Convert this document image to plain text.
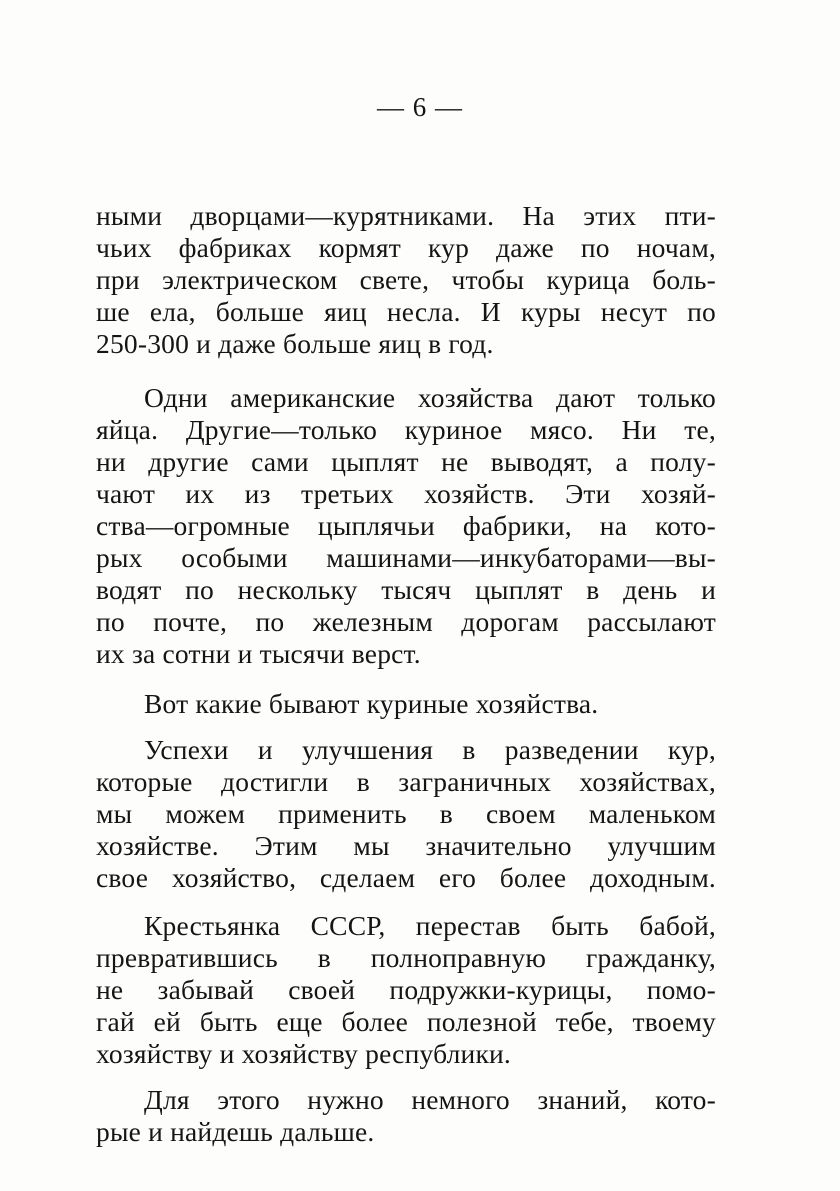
— 6 —
ными дворцами—курятниками. На этих пти-
чьих фабриках кормят кур даже по ночам,
при электрическом свете, чтобы курица боль-
ше ела, больше яиц несла. И куры несут по
250-300 и даже больше яиц в год.
Одни американские хозяйства дают только
яйца. Другие—только куриное мясо. Ни те,
ни другие сами цыплят не выводят, а полу-
чают их из третьих хозяйств. Эти хозяй-
ства—огромные цыплячьи фабрики, на кото-
рых особыми машинами—инкубаторами—вы-
водят по нескольку тысяч цыплят в день и
по почте, по железным дорогам рассылают
их за сотни и тысячи верст.
Вот какие бывают куриные хозяйства.
Успехи и улучшения в разведении кур,
которые достигли в заграничных хозяйствах,
мы можем применить в своем маленьком
хозяйстве. Этим мы значительно улучшим
свое хозяйство, сделаем его более доходным.
Крестьянка СССР, перестав быть бабой,
превратившись в полноправную гражданку,
не забывай своей подружки-курицы, помо-
гай ей быть еще более полезной тебе, твоему
хозяйству и хозяйству республики.
Для этого нужно немного знаний, кото-
рые и найдешь дальше.
